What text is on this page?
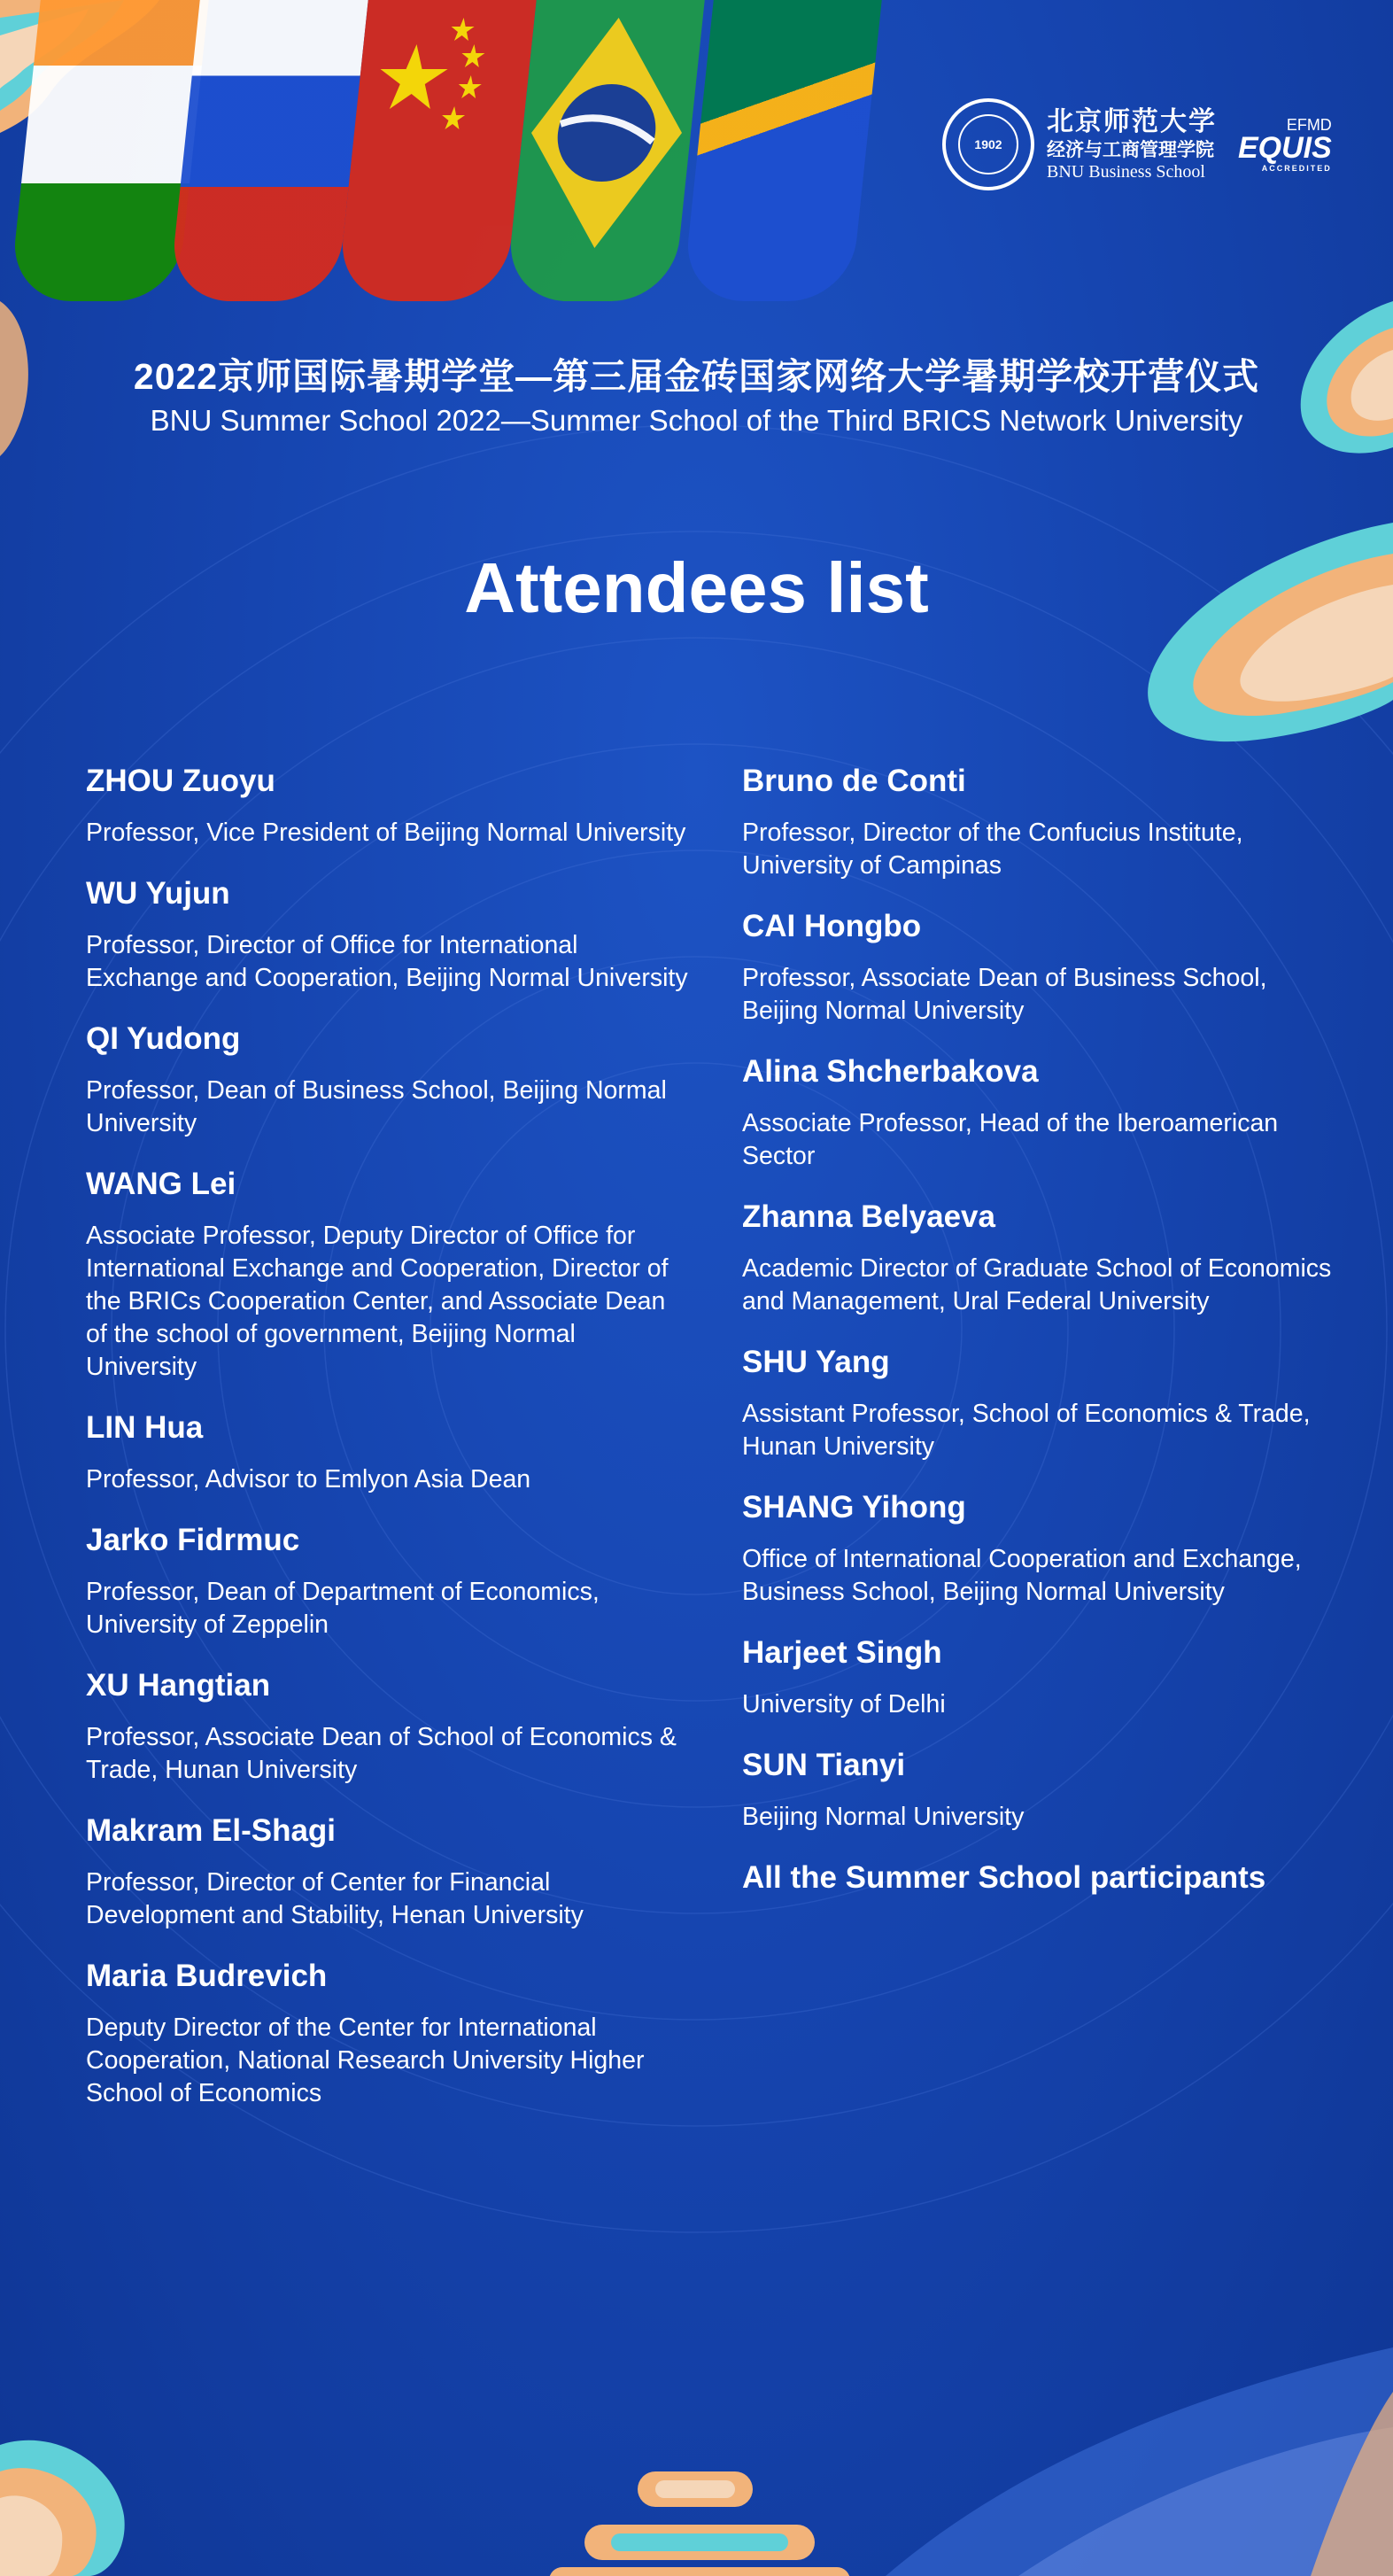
1902
北京师范大学
经济与工商管理学院
BNU Business School
EFMD
EQUIS
ACCREDITED
2022京师国际暑期学堂—第三届金砖国家网络大学暑期学校开营仪式
BNU Summer School 2022—Summer School of the Third BRICS Network University
Attendees list

ZHOU Zuoyu

Professor, Vice President of Beijing Normal University

WU Yujun

Professor, Director of Office for International Exchange and Cooperation, Beijing Normal University

QI Yudong

Professor, Dean of Business School, Beijing Normal University

WANG Lei

Associate Professor, Deputy Director of Office for International Exchange and Cooperation, Director of the BRICs Cooperation Center, and Associate Dean of the school of government, Beijing Normal University

LIN Hua

Professor, Advisor to Emlyon Asia Dean

Jarko Fidrmuc

Professor, Dean of Department of Economics, University of Zeppelin

XU Hangtian

Professor, Associate Dean of School of Economics & Trade, Hunan University

Makram El-Shagi

Professor, Director of Center for Financial Development and Stability, Henan University

Maria Budrevich

Deputy Director of the Center for International Cooperation, National Research University Higher School of Economics

Bruno de Conti

Professor, Director of the Confucius Institute, University of Campinas

CAI Hongbo

Professor, Associate Dean of Business School, Beijing Normal University

Alina Shcherbakova

Associate Professor, Head of the Iberoamerican Sector

Zhanna Belyaeva

Academic Director of Graduate School of Economics and Management, Ural Federal University

SHU Yang

Assistant Professor, School of Economics & Trade, Hunan University

SHANG Yihong

Office of International Cooperation and Exchange, Business School, Beijing Normal University

Harjeet Singh

University of Delhi

SUN Tianyi

Beijing Normal University

All the Summer School participants
